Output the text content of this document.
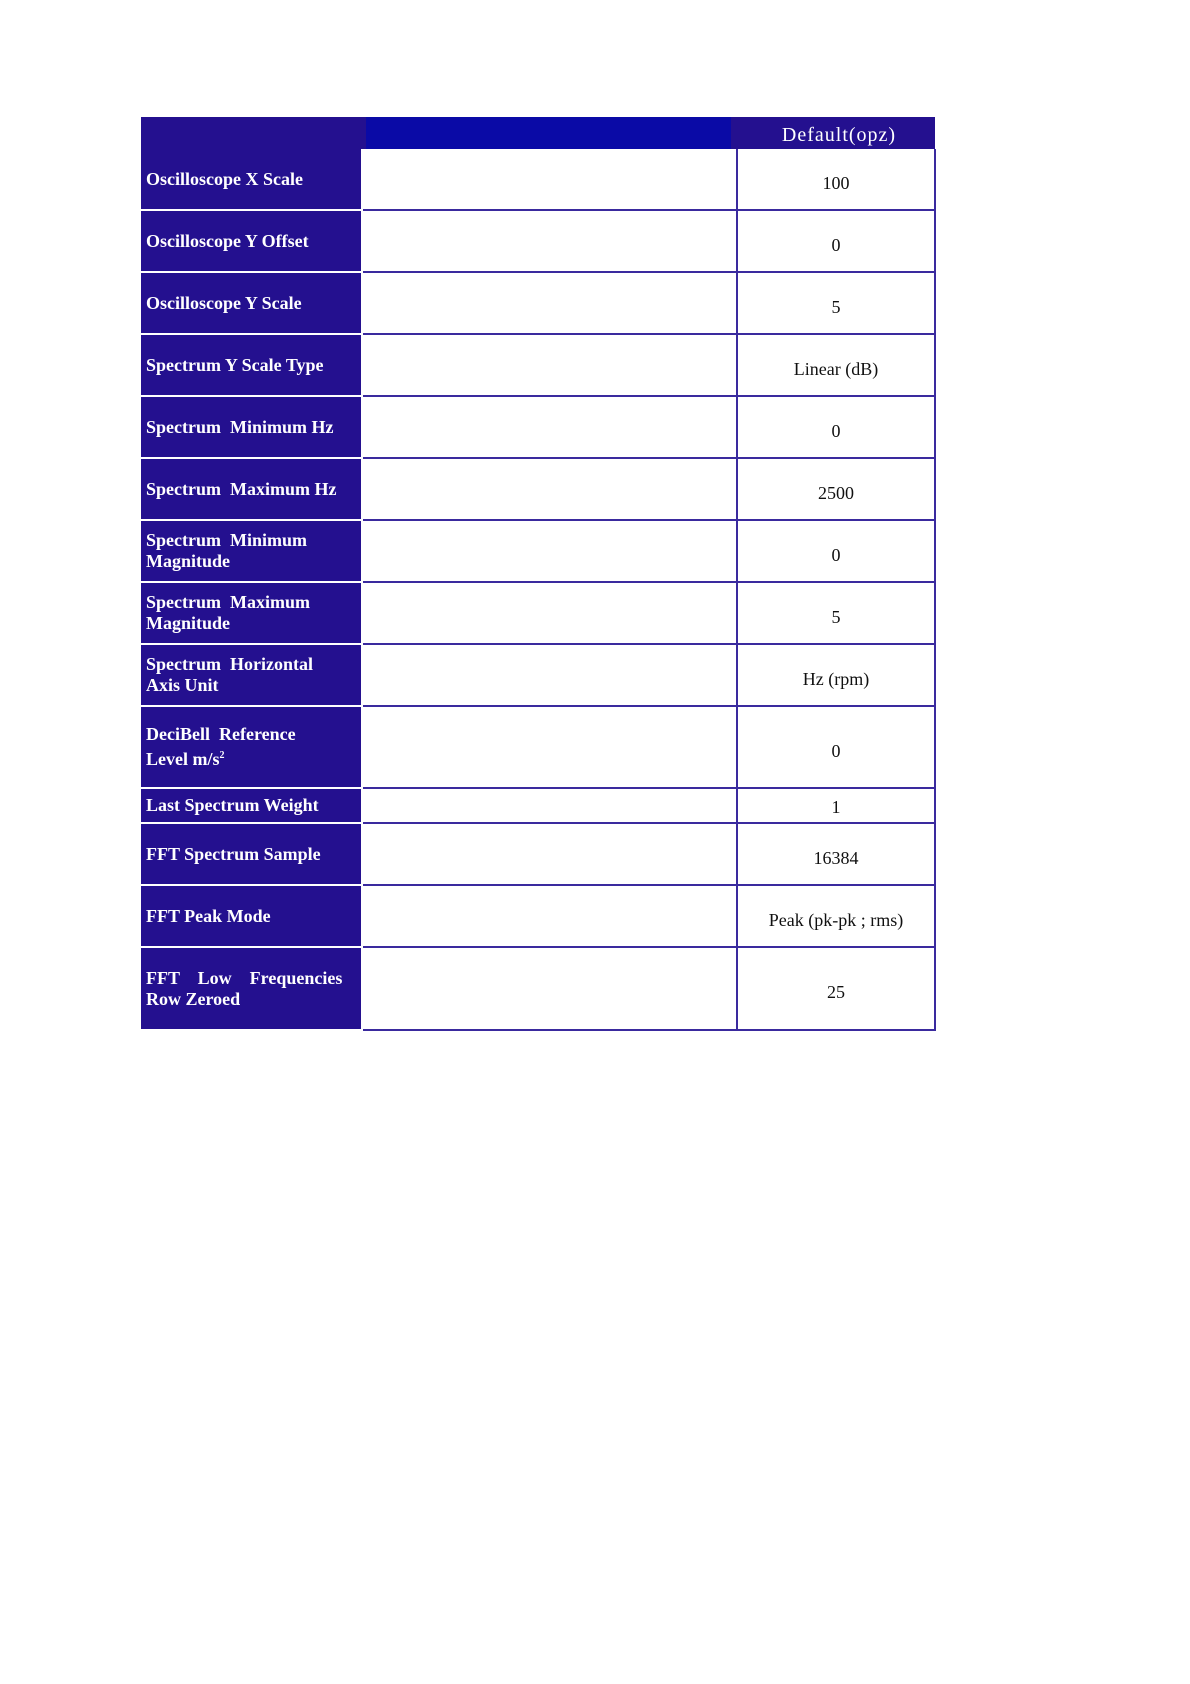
		Default(opz)

Oscilloscope X Scale		100

Oscilloscope Y Offset		0

Oscilloscope Y Scale		5

Spectrum Y Scale Type		Linear (dB)

Spectrum  Minimum Hz		0

Spectrum  Maximum Hz		2500

Spectrum  Minimum
Magnitude		0

Spectrum  Maximum
Magnitude		5

Spectrum  Horizontal
Axis Unit		Hz (rpm)

DeciBell  Reference
Level $m/s^2$		0

Last Spectrum Weight		1

FFT Spectrum Sample		16384

FFT Peak Mode		Peak (pk-pk ; rms)

FFT    Low    Frequencies
Row Zeroed		25
